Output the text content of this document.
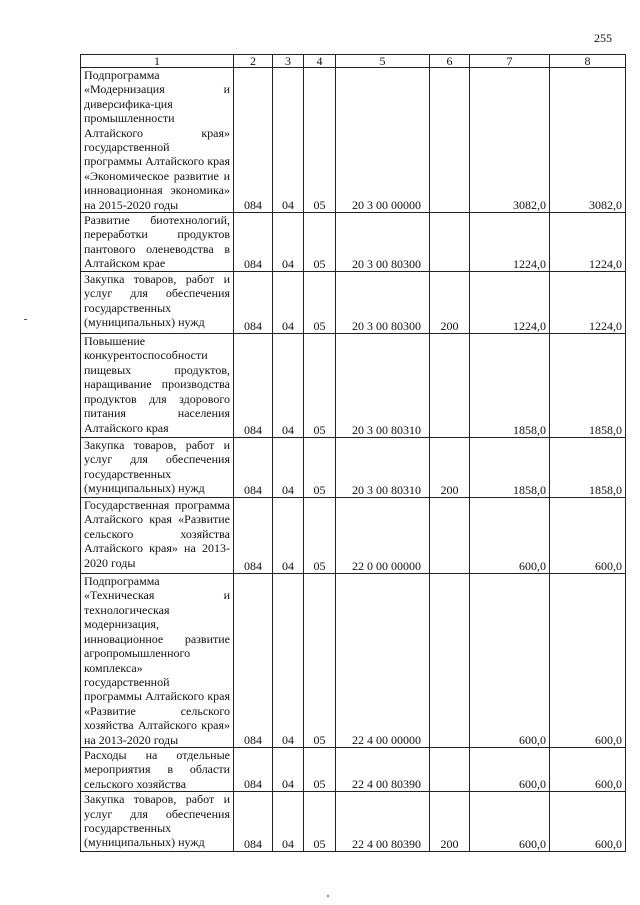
255
1	2	3	4	5	6	7	8
Подпрограмма «Модернизация и диверсифика-ция промышленности Алтайского края» государственной программы Алтайского края «Экономическое развитие и инновационная экономика» на 2015-2020 годы	084	04	05	20 3 00 00000		3082,0	3082,0
Развитие биотехнологий, переработки продуктов пантового оленеводства в Алтайском крае	084	04	05	20 3 00 80300		1224,0	1224,0
Закупка товаров, работ и услуг для обеспечения государственных (муниципальных) нужд	084	04	05	20 3 00 80300	200	1224,0	1224,0
Повышение конкурентоспособности пищевых продуктов, наращивание производства продуктов для здорового питания населения Алтайского края	084	04	05	20 3 00 80310		1858,0	1858,0
Закупка товаров, работ и услуг для обеспечения государственных (муниципальных) нужд	084	04	05	20 3 00 80310	200	1858,0	1858,0
Государственная программа Алтайского края «Развитие сельского хозяйства Алтайского края» на 2013-2020 годы	084	04	05	22 0 00 00000		600,0	600,0
Подпрограмма «Техническая и технологическая модернизация, инновационное развитие агропромышленного комплекса» государственной программы Алтайского края «Развитие сельского хозяйства Алтайского края» на 2013-2020 годы	084	04	05	22 4 00 00000		600,0	600,0
Расходы на отдельные мероприятия в области сельского хозяйства	084	04	05	22 4 00 80390		600,0	600,0
Закупка товаров, работ и услуг для обеспечения государственных (муниципальных) нужд	084	04	05	22 4 00 80390	200	600,0	600,0
